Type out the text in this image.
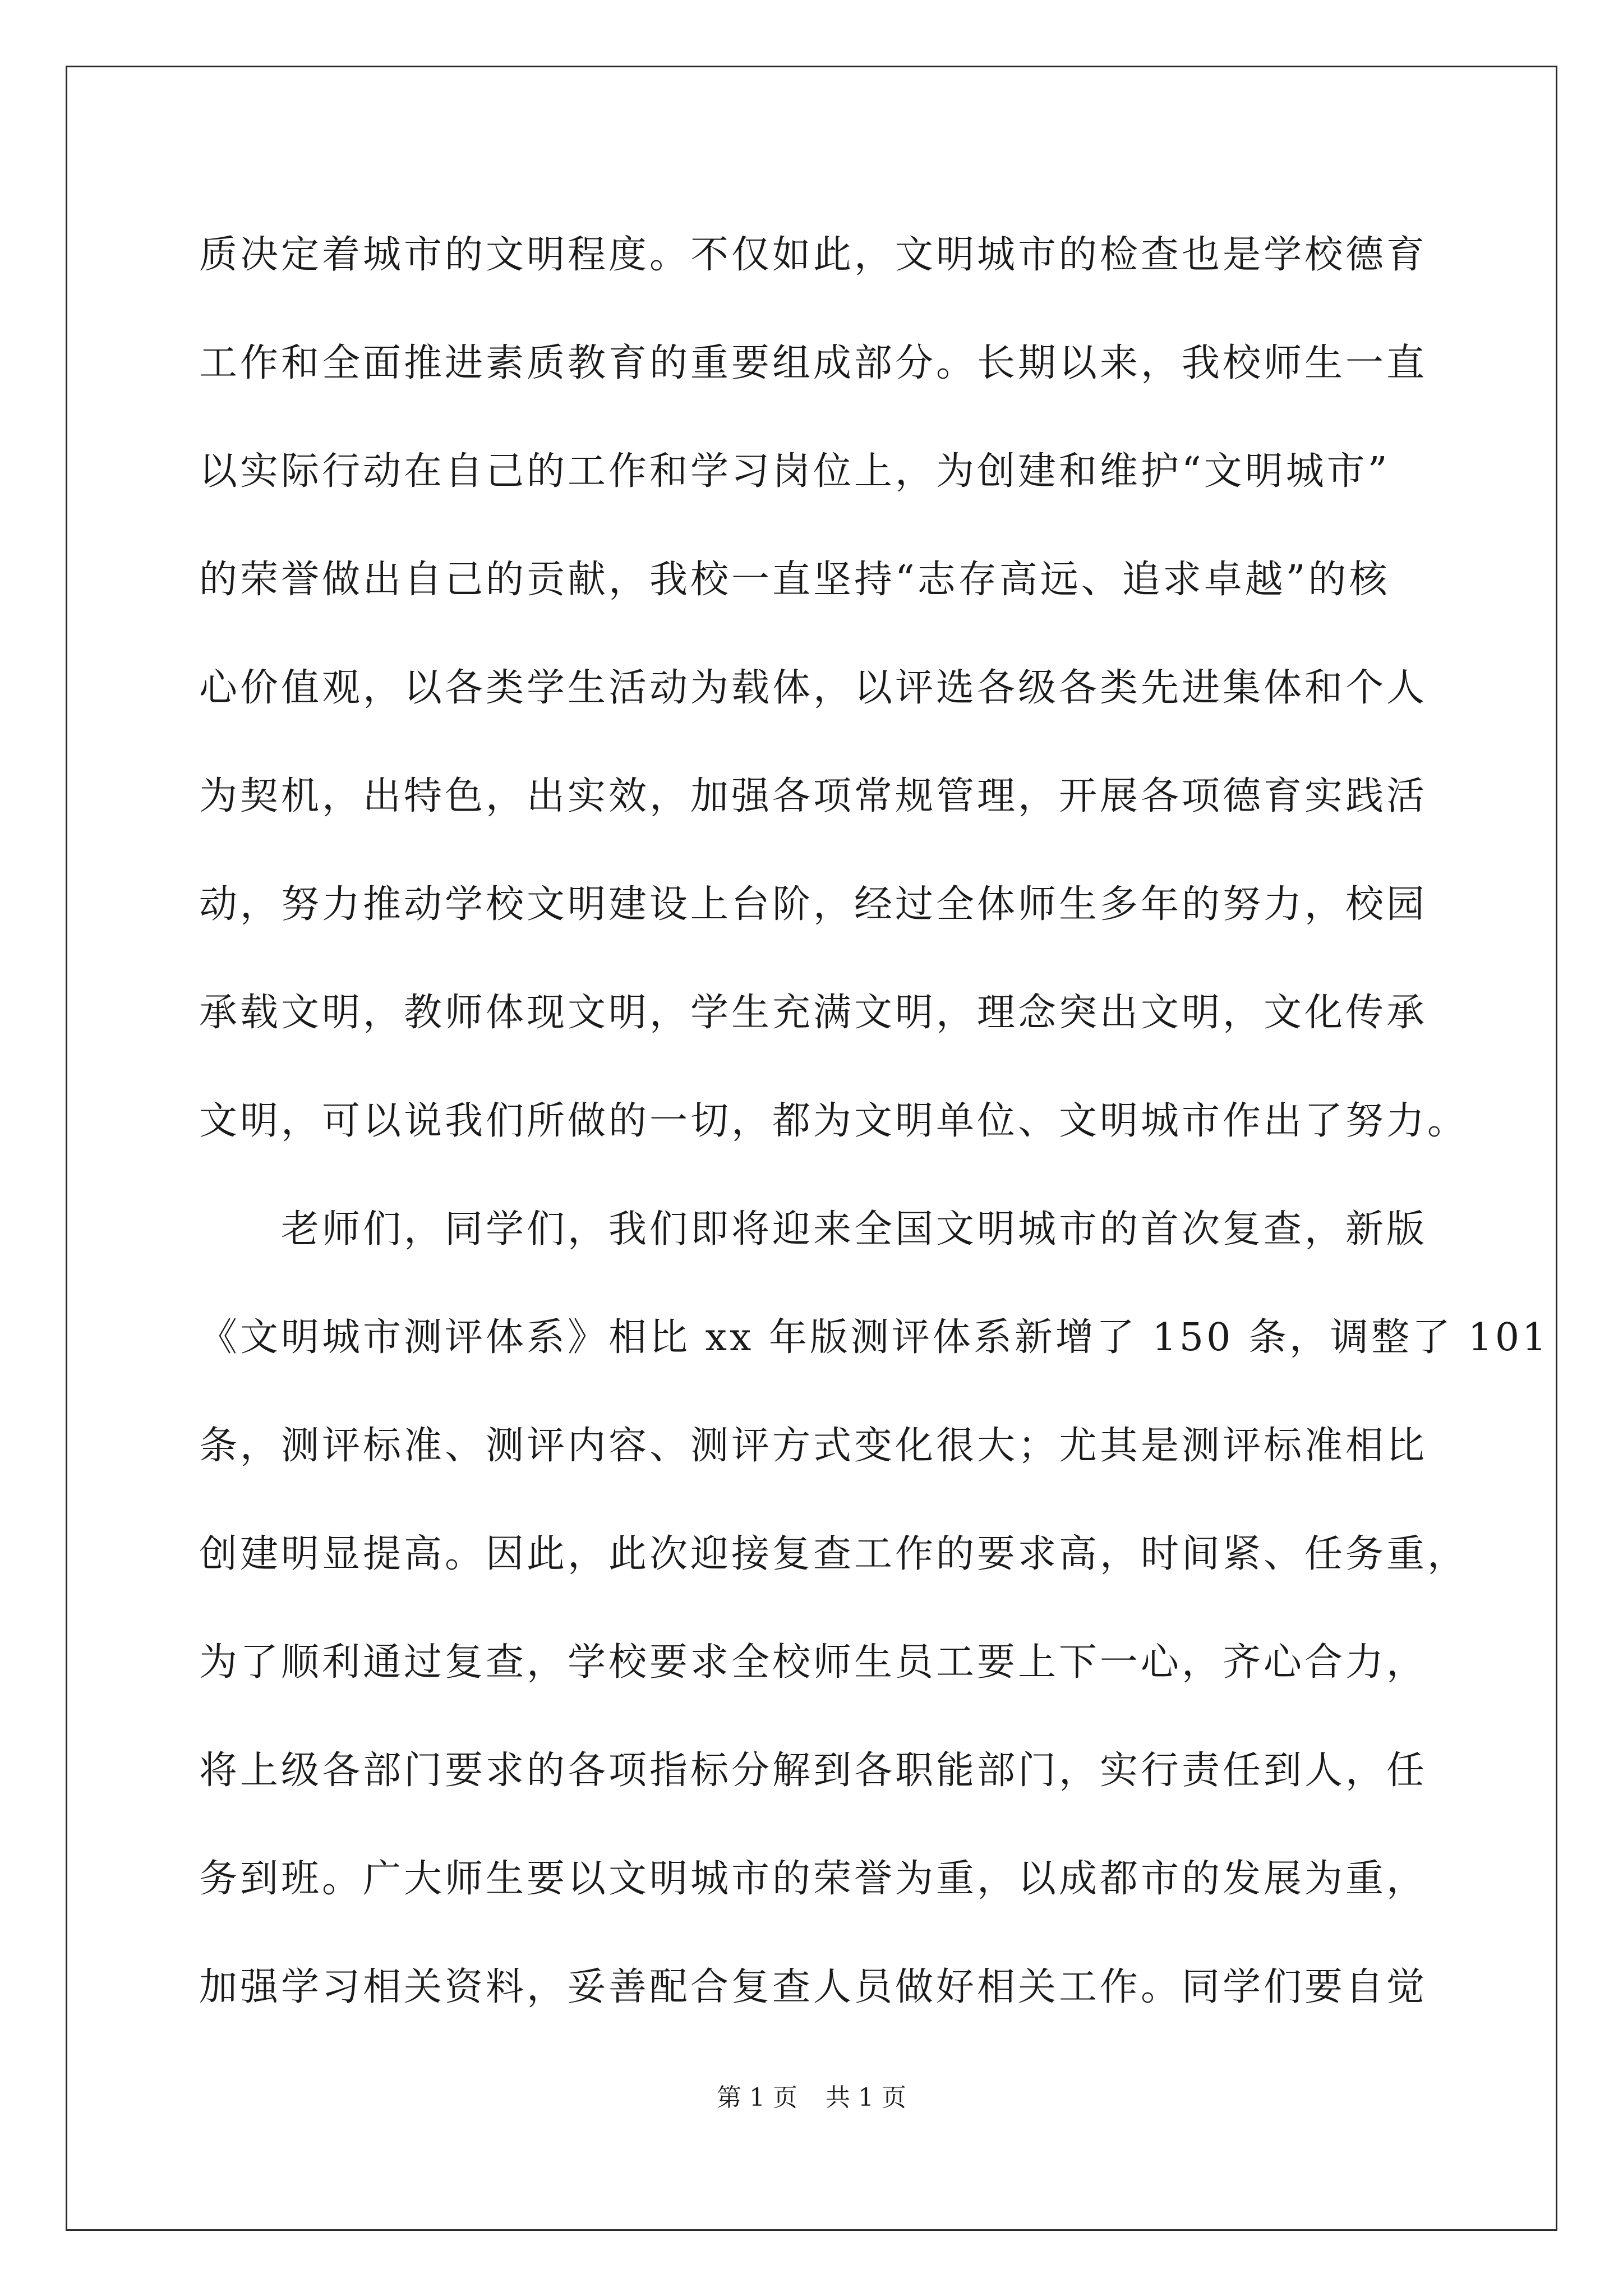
质决定着城市的文明程度。不仅如此，文明城市的检查也是学校德育
工作和全面推进素质教育的重要组成部分。长期以来，我校师生一直
以实际行动在自己的工作和学习岗位上，为创建和维护“文明城市”
的荣誉做出自己的贡献，我校一直坚持“志存高远、追求卓越”的核
心价值观，以各类学生活动为载体，以评选各级各类先进集体和个人
为契机，出特色，出实效，加强各项常规管理，开展各项德育实践活
动，努力推动学校文明建设上台阶，经过全体师生多年的努力，校园
承载文明，教师体现文明，学生充满文明，理念突出文明，文化传承
文明，可以说我们所做的一切，都为文明单位、文明城市作出了努力。
　　老师们，同学们，我们即将迎来全国文明城市的首次复查，新版
《文明城市测评体系》相比 xx 年版测评体系新增了 150 条，调整了 101
条，测评标准、测评内容、测评方式变化很大；尤其是测评标准相比
创建明显提高。因此，此次迎接复查工作的要求高，时间紧、任务重，
为了顺利通过复查，学校要求全校师生员工要上下一心，齐心合力，
将上级各部门要求的各项指标分解到各职能部门，实行责任到人，任
务到班。广大师生要以文明城市的荣誉为重，以成都市的发展为重，
加强学习相关资料，妥善配合复查人员做好相关工作。同学们要自觉
第 1 页 共 1 页
